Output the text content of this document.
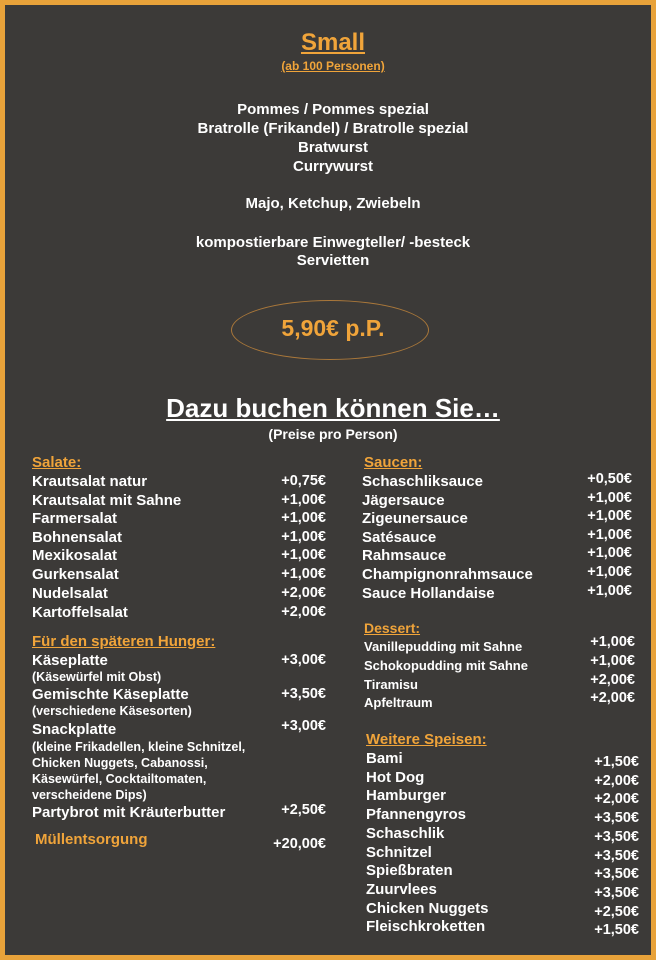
Small
(ab 100 Personen)
Pommes / Pommes spezial
Bratrolle (Frikandel) / Bratrolle spezial
Bratwurst
Currywurst
Majo, Ketchup, Zwiebeln
kompostierbare Einwegteller/ -besteck
Servietten
5,90€ p.P.
Dazu buchen können Sie…
(Preise pro Person)
Salate:
Krautsalat natur	+0,75€
Krautsalat mit Sahne	+1,00€
Farmersalat	+1,00€
Bohnensalat	+1,00€
Mexikosalat	+1,00€
Gurkensalat	+1,00€
Nudelsalat	+2,00€
Kartoffelsalat	+2,00€
Für den späteren Hunger:
Käseplatte	+3,00€
(Käsewürfel mit Obst)
Gemischte Käseplatte	+3,50€
(verschiedene Käsesorten)
Snackplatte	+3,00€
(kleine Frikadellen, kleine Schnitzel,
Chicken Nuggets, Cabanossi,
Käsewürfel, Cocktailtomaten,
verscheidene Dips)
Partybrot mit Kräuterbutter	+2,50€
Müllentsorgung	+20,00€
Saucen:
Schaschliksauce	+0,50€
Jägersauce	+1,00€
Zigeunersauce	+1,00€
Satésauce	+1,00€
Rahmsauce	+1,00€
Champignonrahmsauce	+1,00€
Sauce Hollandaise	+1,00€
Dessert:
Vanillepudding mit Sahne	+1,00€
Schokopudding mit Sahne	+1,00€
Tiramisu	+2,00€
Apfeltraum	+2,00€
Weitere Speisen:
Bami	+1,50€
Hot Dog	+2,00€
Hamburger	+2,00€
Pfannengyros	+3,50€
Schaschlik	+3,50€
Schnitzel	+3,50€
Spießbraten	+3,50€
Zuurvlees	+3,50€
Chicken Nuggets	+2,50€
Fleischkroketten	+1,50€
